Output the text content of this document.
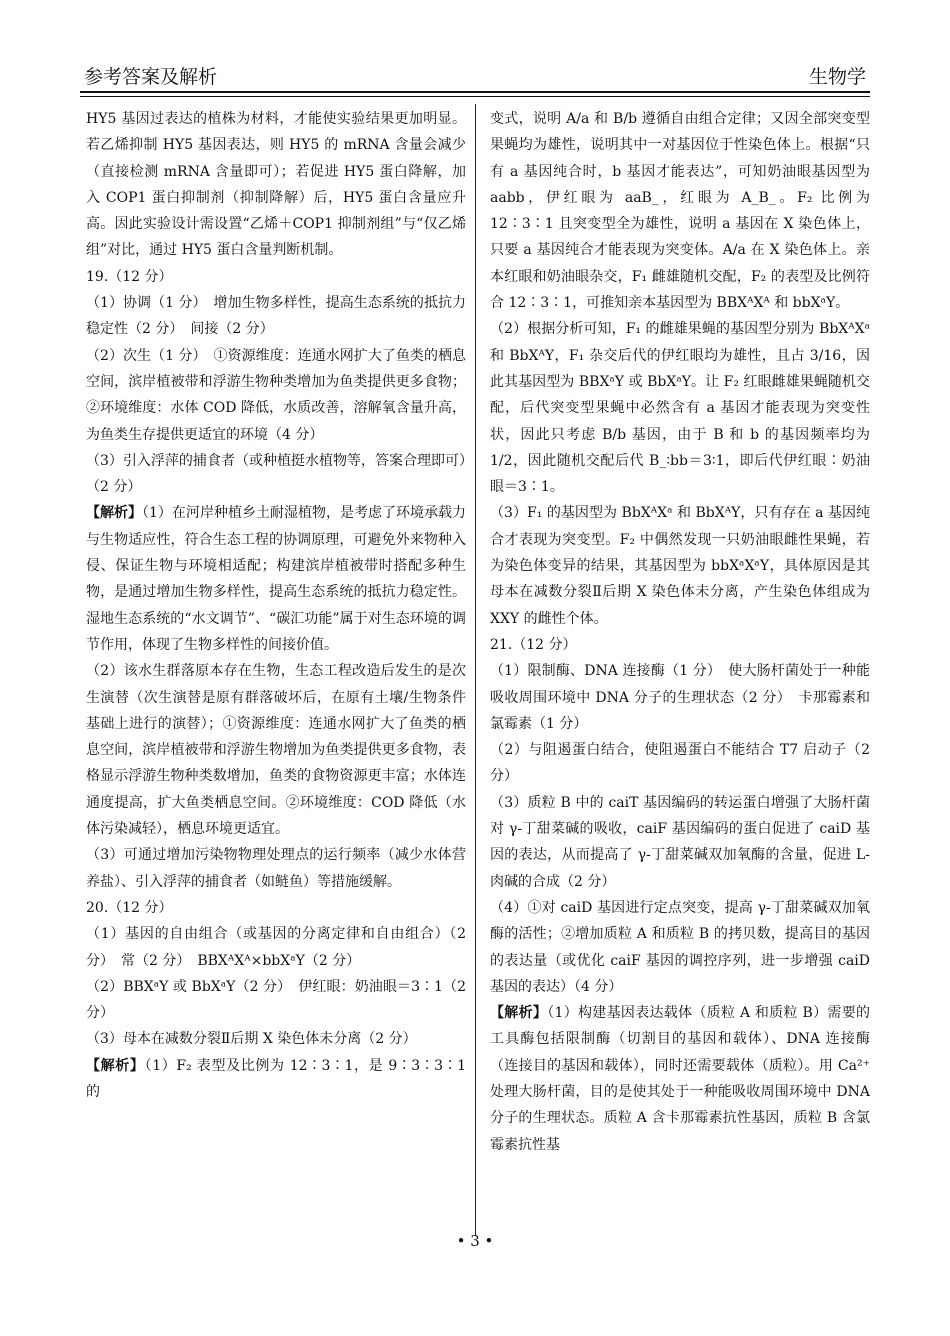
参考答案及解析	生物学

HY5 基因过表达的植株为材料，才能使实验结果更加明显。若乙烯抑制 HY5 基因表达，则 HY5 的 mRNA 含量会减少（直接检测 mRNA 含量即可）；若促进 HY5 蛋白降解，加入 COP1 蛋白抑制剂（抑制降解）后，HY5 蛋白含量应升高。因此实验设计需设置“乙烯＋COP1 抑制剂组”与“仅乙烯组”对比，通过 HY5 蛋白含量判断机制。

19.（12 分）

（1）协调（1 分）　增加生物多样性，提高生态系统的抵抗力稳定性（2 分）　间接（2 分）

（2）次生（1 分）　①资源维度：连通水网扩大了鱼类的栖息空间，滨岸植被带和浮游生物种类增加为鱼类提供更多食物；②环境维度：水体 COD 降低，水质改善，溶解氧含量升高，为鱼类生存提供更适宜的环境（4 分）

（3）引入浮萍的捕食者（或种植挺水植物等，答案合理即可）（2 分）

【解析】（1）在河岸种植乡土耐湿植物，是考虑了环境承载力与生物适应性，符合生态工程的协调原理，可避免外来物种入侵、保证生物与环境相适配；构建滨岸植被带时搭配多种生物，是通过增加生物多样性，提高生态系统的抵抗力稳定性。湿地生态系统的“水文调节”、“碳汇功能”属于对生态环境的调节作用，体现了生物多样性的间接价值。

（2）该水生群落原本存在生物，生态工程改造后发生的是次生演替（次生演替是原有群落破坏后，在原有土壤/生物条件基础上进行的演替）；①资源维度：连通水网扩大了鱼类的栖息空间，滨岸植被带和浮游生物增加为鱼类提供更多食物，表格显示浮游生物种类数增加，鱼类的食物资源更丰富；水体连通度提高，扩大鱼类栖息空间。②环境维度：COD 降低（水体污染减轻），栖息环境更适宜。

（3）可通过增加污染物物理处理点的运行频率（减少水体营养盐）、引入浮萍的捕食者（如鲢鱼）等措施缓解。

20.（12 分）

（1）基因的自由组合（或基因的分离定律和自由组合）（2 分）　常（2 分）　BBXᴬXᴬ×bbXᵃY（2 分）

（2）BBXᵃY 或 BbXᵃY（2 分）　伊红眼：奶油眼＝3∶1（2 分）

（3）母本在减数分裂Ⅱ后期 X 染色体未分离（2 分）

【解析】（1）F₂ 表型及比例为 12∶3∶1，是 9∶3∶3∶1 的

变式，说明 A/a 和 B/b 遵循自由组合定律；又因全部突变型果蝇均为雄性，说明其中一对基因位于性染色体上。根据“只有 a 基因纯合时，b 基因才能表达”，可知奶油眼基因型为 aabb，伊红眼为 aaB_，红眼为 A_B_。F₂ 比例为 12∶3∶1 且突变型全为雄性，说明 a 基因在 X 染色体上，只要 a 基因纯合才能表现为突变体。A/a 在 X 染色体上。亲本红眼和奶油眼杂交，F₁ 雌雄随机交配，F₂ 的表型及比例符合 12∶3∶1，可推知亲本基因型为 BBXᴬXᴬ 和 bbXᵃY。

（2）根据分析可知，F₁ 的雌雄果蝇的基因型分别为 BbXᴬXᵃ 和 BbXᴬY，F₁ 杂交后代的伊红眼均为雄性，且占 3/16，因此其基因型为 BBXᵃY 或 BbXᵃY。让 F₂ 红眼雌雄果蝇随机交配，后代突变型果蝇中必然含有 a 基因才能表现为突变性状，因此只考虑 B/b 基因，由于 B 和 b 的基因频率均为 1/2，因此随机交配后代 B_∶bb＝3∶1，即后代伊红眼∶奶油眼＝3∶1。

（3）F₁ 的基因型为 BbXᴬXᵃ 和 BbXᴬY，只有存在 a 基因纯合才表现为突变型。F₂ 中偶然发现一只奶油眼雌性果蝇，若为染色体变异的结果，其基因型为 bbXᵃXᵃY，具体原因是其母本在减数分裂Ⅱ后期 X 染色体未分离，产生染色体组成为 XXY 的雌性个体。

21.（12 分）

（1）限制酶、DNA 连接酶（1 分）　使大肠杆菌处于一种能吸收周围环境中 DNA 分子的生理状态（2 分）　卡那霉素和氯霉素（1 分）

（2）与阻遏蛋白结合，使阻遏蛋白不能结合 T7 启动子（2 分）

（3）质粒 B 中的 caiT 基因编码的转运蛋白增强了大肠杆菌对 γ-丁甜菜碱的吸收，caiF 基因编码的蛋白促进了 caiD 基因的表达，从而提高了 γ-丁甜菜碱双加氧酶的含量，促进 L-肉碱的合成（2 分）

（4）①对 caiD 基因进行定点突变，提高 γ-丁甜菜碱双加氧酶的活性；②增加质粒 A 和质粒 B 的拷贝数，提高目的基因的表达量（或优化 caiF 基因的调控序列，进一步增强 caiD 基因的表达）（4 分）

【解析】（1）构建基因表达载体（质粒 A 和质粒 B）需要的工具酶包括限制酶（切割目的基因和载体）、DNA 连接酶（连接目的基因和载体），同时还需要载体（质粒）。用 Ca²⁺ 处理大肠杆菌，目的是使其处于一种能吸收周围环境中 DNA 分子的生理状态。质粒 A 含卡那霉素抗性基因，质粒 B 含氯霉素抗性基

• 3 •
